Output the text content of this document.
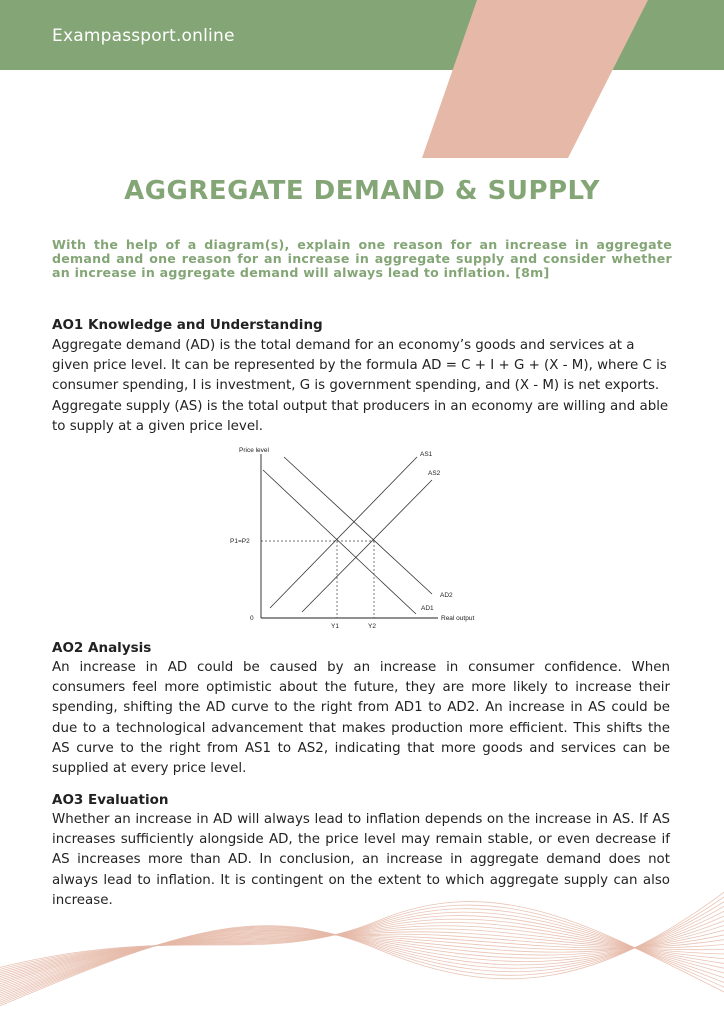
Exampassport.online
AGGREGATE DEMAND & SUPPLY
With the help of a diagram(s), explain one reason for an increase in aggregate demand and one reason for an increase in aggregate supply and consider whether an increase in aggregate demand will always lead to inflation. [8m]
AO1 Knowledge and Understanding
Aggregate demand (AD) is the total demand for an economy’s goods and services at a
given price level. It can be represented by the formula AD = C + I + G + (X - M), where C is
consumer spending, I is investment, G is government spending, and (X - M) is net exports.
Aggregate supply (AS) is the total output that producers in an economy are willing and able
to supply at a given price level.
Price level
Real output
0
P1=P2
Y1	Y2
AS1
AS2
AD1
AD2
AO2 Analysis
An increase in AD could be caused by an increase in consumer confidence. When consumers feel more optimistic about the future, they are more likely to increase their spending, shifting the AD curve to the right from AD1 to AD2. An increase in AS could be due to a technological advancement that makes production more efficient. This shifts the AS curve to the right from AS1 to AS2, indicating that more goods and services can be supplied at every price level.
AO3 Evaluation
Whether an increase in AD will always lead to inflation depends on the increase in AS. If AS increases sufficiently alongside AD, the price level may remain stable, or even decrease if AS increases more than AD. In conclusion, an increase in aggregate demand does not always lead to inflation. It is contingent on the extent to which aggregate supply can also increase.
